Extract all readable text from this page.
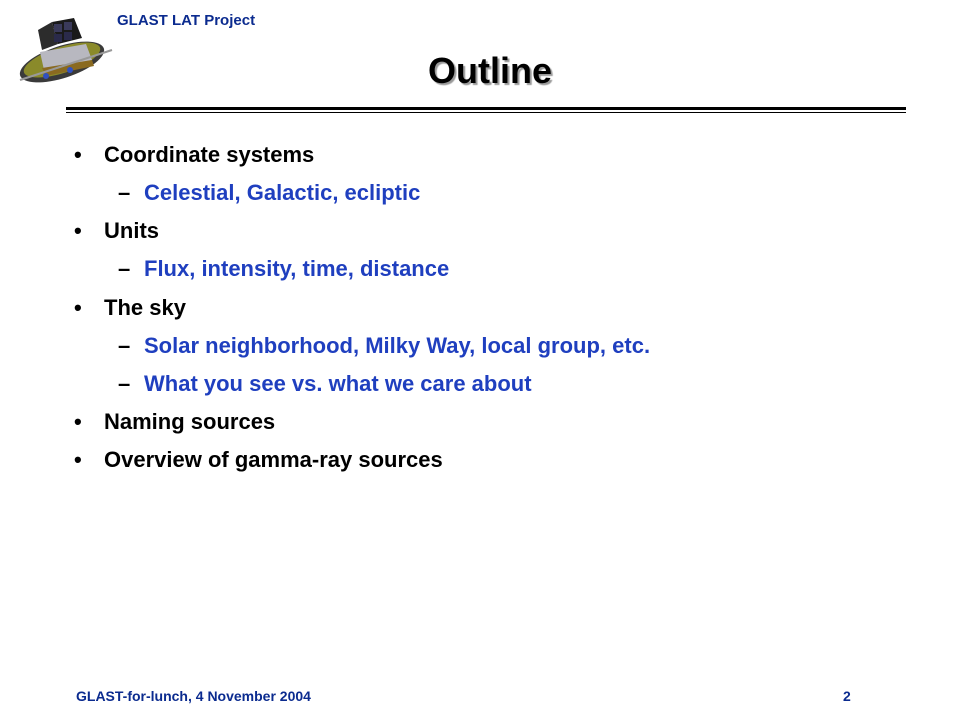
GLAST LAT Project
Outline
• Coordinate systems
– Celestial, Galactic, ecliptic
• Units
– Flux, intensity, time, distance
• The sky
– Solar neighborhood, Milky Way, local group, etc.
– What you see vs. what we care about
• Naming sources
• Overview of gamma-ray sources
GLAST-for-lunch, 4 November 2004	2
